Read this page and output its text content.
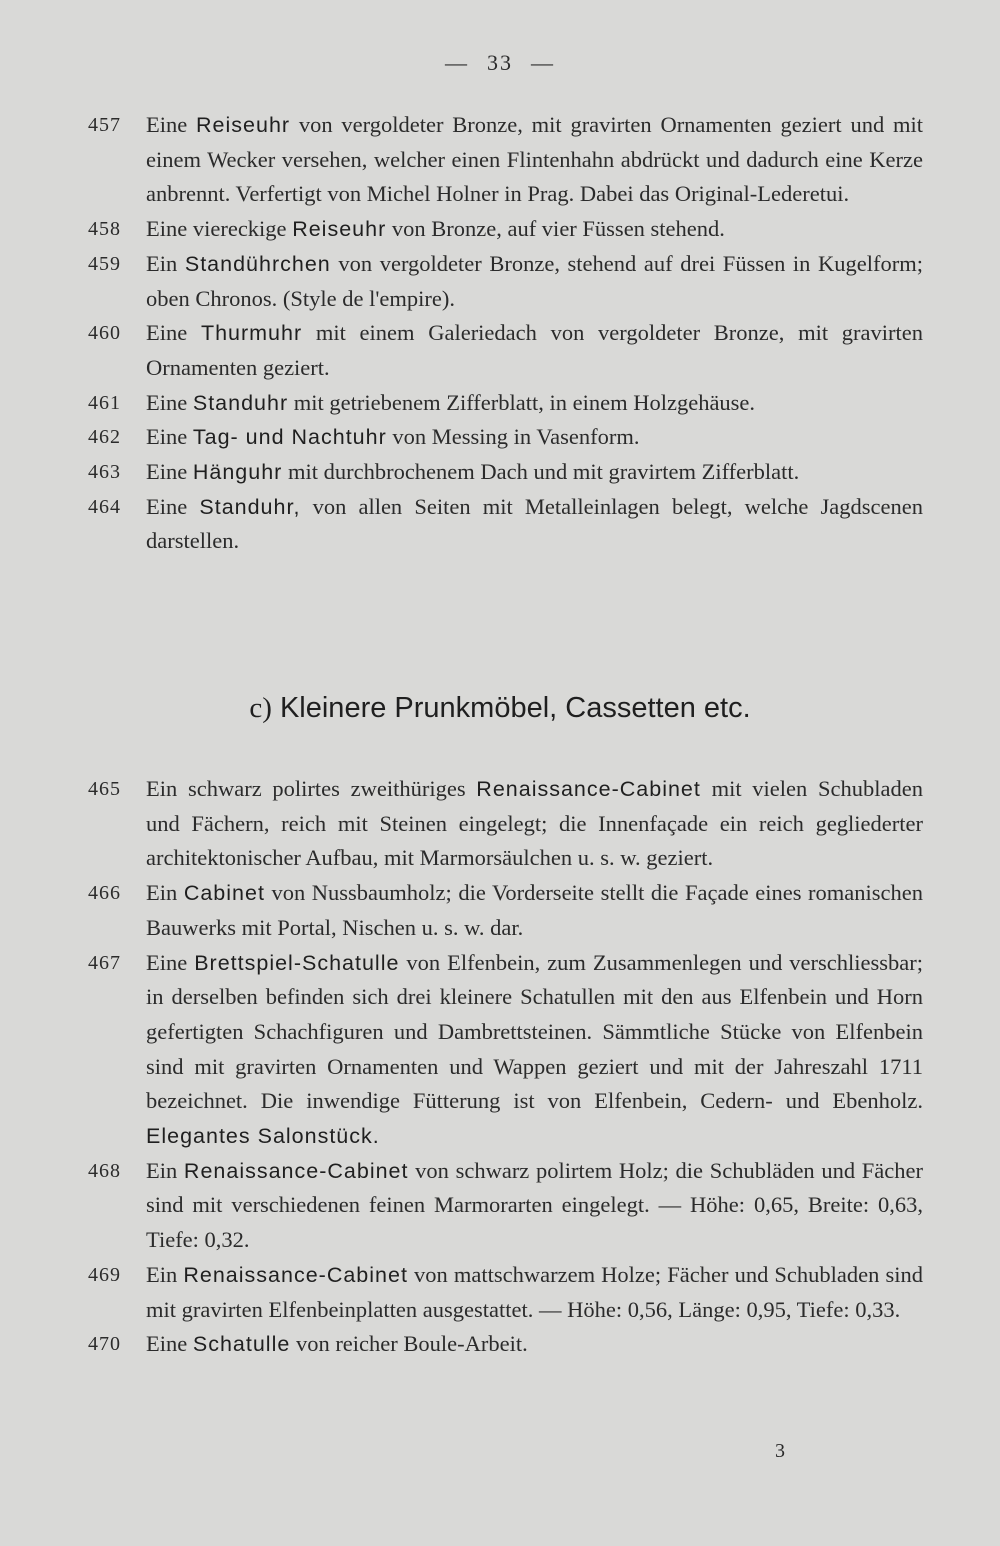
— 33 —
457	Eine Reiseuhr von vergoldeter Bronze, mit gravirten Ornamenten geziert und mit einem Wecker versehen, welcher einen Flintenhahn abdrückt und dadurch eine Kerze anbrennt. Verfertigt von Michel Holner in Prag. Dabei das Original-Lederetui.
458	Eine viereckige Reiseuhr von Bronze, auf vier Füssen stehend.
459	Ein Standührchen von vergoldeter Bronze, stehend auf drei Füssen in Kugelform; oben Chronos. (Style de l'empire).
460	Eine Thurmuhr mit einem Galeriedach von vergoldeter Bronze, mit gravirten Ornamenten geziert.
461	Eine Standuhr mit getriebenem Zifferblatt, in einem Holzgehäuse.
462	Eine Tag- und Nachtuhr von Messing in Vasenform.
463	Eine Hänguhr mit durchbrochenem Dach und mit gravirtem Zifferblatt.
464	Eine Standuhr, von allen Seiten mit Metalleinlagen belegt, welche Jagdscenen darstellen.
c) Kleinere Prunkmöbel, Cassetten etc.
465	Ein schwarz polirtes zweithüriges Renaissance-Cabinet mit vielen Schubladen und Fächern, reich mit Steinen eingelegt; die Innenfaçade ein reich gegliederter architektonischer Aufbau, mit Marmorsäulchen u. s. w. geziert.
466	Ein Cabinet von Nussbaumholz; die Vorderseite stellt die Façade eines romanischen Bauwerks mit Portal, Nischen u. s. w. dar.
467	Eine Brettspiel-Schatulle von Elfenbein, zum Zusammenlegen und verschliessbar; in derselben befinden sich drei kleinere Schatullen mit den aus Elfenbein und Horn gefertigten Schachfiguren und Dambrettsteinen. Sämmtliche Stücke von Elfenbein sind mit gravirten Ornamenten und Wappen geziert und mit der Jahreszahl 1711 bezeichnet. Die inwendige Fütterung ist von Elfenbein, Cedern- und Ebenholz. Elegantes Salonstück.
468	Ein Renaissance-Cabinet von schwarz polirtem Holz; die Schubläden und Fächer sind mit verschiedenen feinen Marmorarten eingelegt. — Höhe: 0,65, Breite: 0,63, Tiefe: 0,32.
469	Ein Renaissance-Cabinet von mattschwarzem Holze; Fächer und Schubladen sind mit gravirten Elfenbeinplatten ausgestattet. — Höhe: 0,56, Länge: 0,95, Tiefe: 0,33.
470	Eine Schatulle von reicher Boule-Arbeit.
3
